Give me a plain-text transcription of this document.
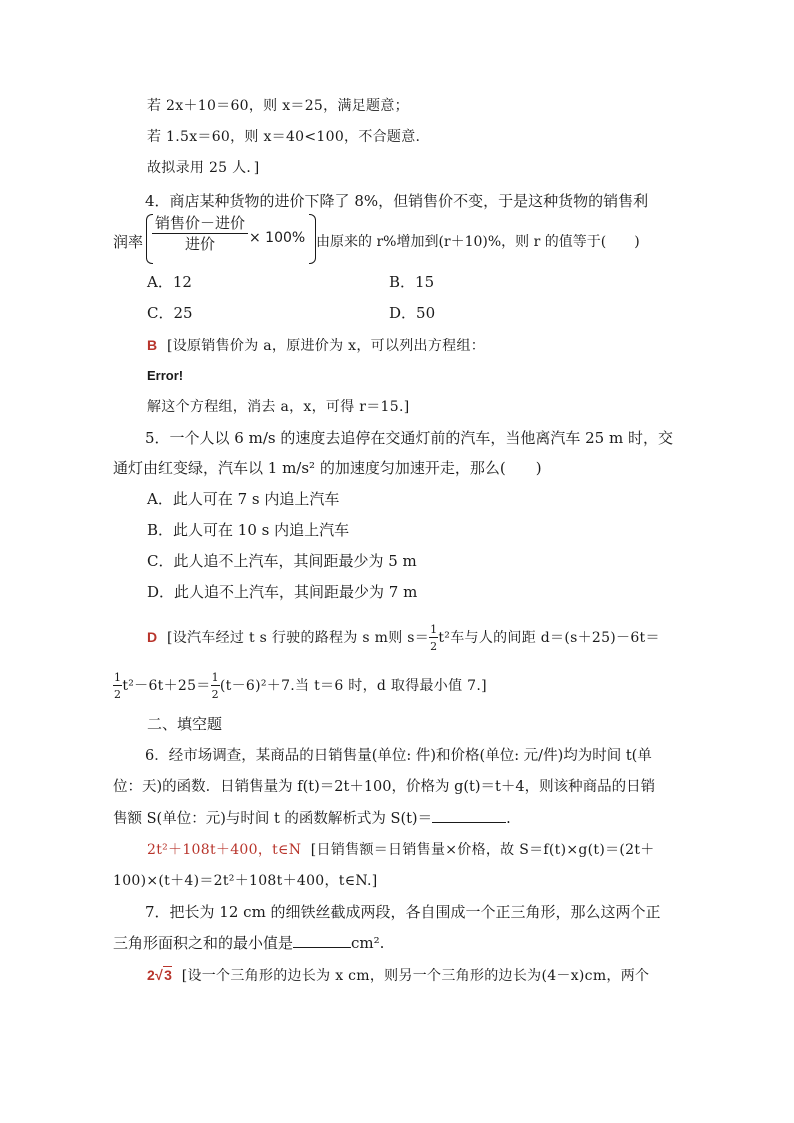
若 2x＋10＝60，则 x＝25，满足题意；
若 1.5x＝60，则 x＝40<100，不合题意.
故拟录用 25 人．]
4．商店某种货物的进价下降了 8%，但销售价不变，于是这种货物的销售利
润率 $\frac{\text{销售价－进价}}{\text{进价}} \times 100\%$ 由原来的 r%增加到(r＋10)%，则 r 的值等于(　　)
A．12	B．15
C．25	D．50
B [设原销售价为 a，原进价为 x，可以列出方程组：
Error!
解这个方程组，消去 a，x，可得 r＝15.]
5．一个人以 6 m/s 的速度去追停在交通灯前的汽车，当他离汽车 25 m 时，交
通灯由红变绿，汽车以 1 m/s² 的加速度匀加速开走，那么(　　)
A．此人可在 7 s 内追上汽车
B．此人可在 10 s 内追上汽车
C．此人追不上汽车，其间距最少为 5 m
D．此人追不上汽车，其间距最少为 7 m
D [设汽车经过 t s 行驶的路程为 s m则 $s= \frac{1}{2} t^2$车与人的间距 d＝(s＋25)－6t＝
$\frac{1}{2} t^2-6t+25= \frac{1}{2} (t-6)^2+7$.当 t＝6 时，d 取得最小值 7.]
二、填空题
6．经市场调查，某商品的日销售量(单位: 件)和价格(单位: 元/件)均为时间 t(单
位：天)的函数．日销售量为 f(t)＝2t＋100，价格为 g(t)＝t＋4，则该种商品的日销
售额 S(单位：元)与时间 t 的函数解析式为 S(t)＝	.
2t²＋108t＋400，t∈N [日销售额＝日销售量×价格，故 S＝f(t)×g(t)＝(2t＋
100)×(t＋4)＝2t²＋108t＋400，t∈N.]
7．把长为 12 cm 的细铁丝截成两段，各自围成一个正三角形，那么这两个正
三角形面积之和的最小值是	cm².
2√3 [设一个三角形的边长为 x cm，则另一个三角形的边长为(4－x)cm，两个
